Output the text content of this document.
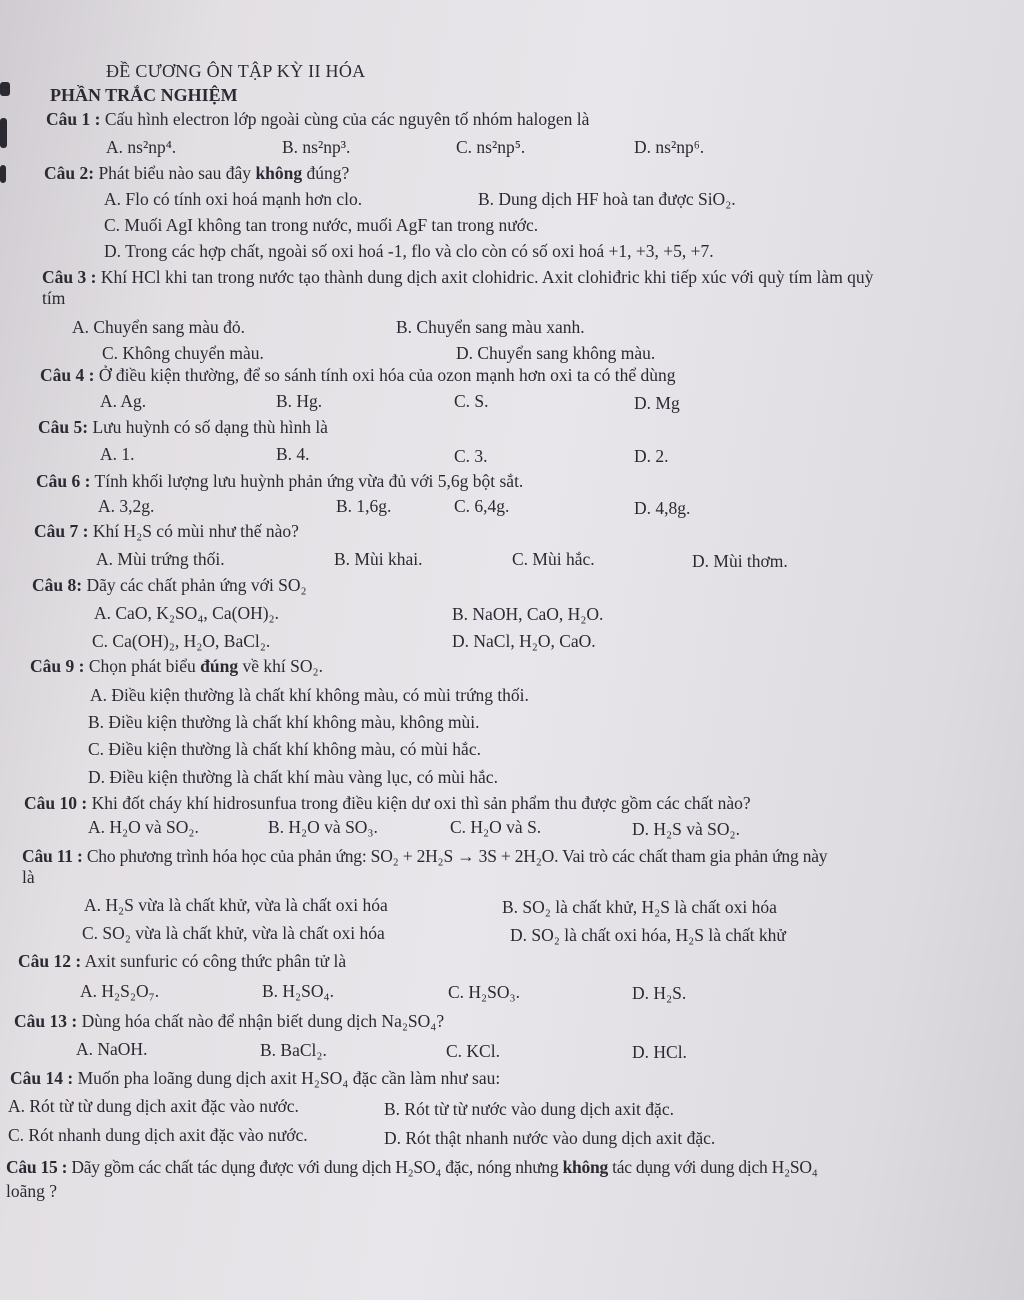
ĐỀ CƯƠNG ÔN TẬP KỲ II HÓA
PHẦN TRẮC NGHIỆM
Câu 1 : Cấu hình electron lớp ngoài cùng của các nguyên tố nhóm halogen là
A. ns²np⁴.	B. ns²np³.	C. ns²np⁵.	D. ns²np⁶.
Câu 2: Phát biểu nào sau đây không đúng?
A. Flo có tính oxi hoá mạnh hơn clo.	B. Dung dịch HF hoà tan được SiO₂.
C. Muối AgI không tan trong nước, muối AgF tan trong nước.
D. Trong các hợp chất, ngoài số oxi hoá -1, flo và clo còn có số oxi hoá +1, +3, +5, +7.
Câu 3 : Khí HCl khi tan trong nước tạo thành dung dịch axit clohidric. Axit clohiđric khi tiếp xúc với quỳ tím làm quỳ
tím
A. Chuyển sang màu đỏ.	B. Chuyển sang màu xanh.
C. Không chuyển màu.	D. Chuyển sang không màu.
Câu 4 : Ở điều kiện thường, để so sánh tính oxi hóa của ozon mạnh hơn oxi ta có thể dùng
A. Ag.	B. Hg.	C. S.	D. Mg
Câu 5: Lưu huỳnh có số dạng thù hình là
A. 1.	B. 4.	C. 3.	D. 2.
Câu 6 : Tính khối lượng lưu huỳnh phản ứng vừa đủ với 5,6g bột sắt.
A. 3,2g.	B. 1,6g.	C. 6,4g.	D. 4,8g.
Câu 7 : Khí H₂S có mùi như thế nào?
A. Mùi trứng thối.	B. Mùi khai.	C. Mùi hắc.	D. Mùi thơm.
Câu 8: Dãy các chất phản ứng với SO₂
A. CaO, K₂SO₄, Ca(OH)₂.	B. NaOH, CaO, H₂O.
C. Ca(OH)₂, H₂O, BaCl₂.	D. NaCl, H₂O, CaO.
Câu 9 : Chọn phát biểu đúng về khí SO₂.
A. Điều kiện thường là chất khí không màu, có mùi trứng thối.
B. Điều kiện thường là chất khí không màu, không mùi.
C. Điều kiện thường là chất khí không màu, có mùi hắc.
D. Điều kiện thường là chất khí màu vàng lục, có mùi hắc.
Câu 10 : Khi đốt cháy khí hidrosunfua trong điều kiện dư oxi thì sản phẩm thu được gồm các chất nào?
A. H₂O và SO₂.	B. H₂O và SO₃.	C. H₂O và S.	D. H₂S và SO₂.
Câu 11 : Cho phương trình hóa học của phản ứng: SO₂ + 2H₂S → 3S + 2H₂O. Vai trò các chất tham gia phản ứng này
là
A. H₂S vừa là chất khử, vừa là chất oxi hóa	B. SO₂ là chất khử, H₂S là chất oxi hóa
C. SO₂ vừa là chất khử, vừa là chất oxi hóa	D. SO₂ là chất oxi hóa, H₂S là chất khử
Câu 12 : Axit sunfuric có công thức phân tử là
A. H₂S₂O₇.	B. H₂SO₄.	C. H₂SO₃.	D. H₂S.
Câu 13 : Dùng hóa chất nào để nhận biết dung dịch Na₂SO₄?
A. NaOH.	B. BaCl₂.	C. KCl.	D. HCl.
Câu 14 : Muốn pha loãng dung dịch axit H₂SO₄ đặc cần làm như sau:
A. Rót từ từ dung dịch axit đặc vào nước.	B. Rót từ từ nước vào dung dịch axit đặc.
C. Rót nhanh dung dịch axit đặc vào nước.	D. Rót thật nhanh nước vào dung dịch axit đặc.
Câu 15 : Dãy gồm các chất tác dụng được với dung dịch H₂SO₄ đặc, nóng nhưng không tác dụng với dung dịch H₂SO₄
loãng ?
